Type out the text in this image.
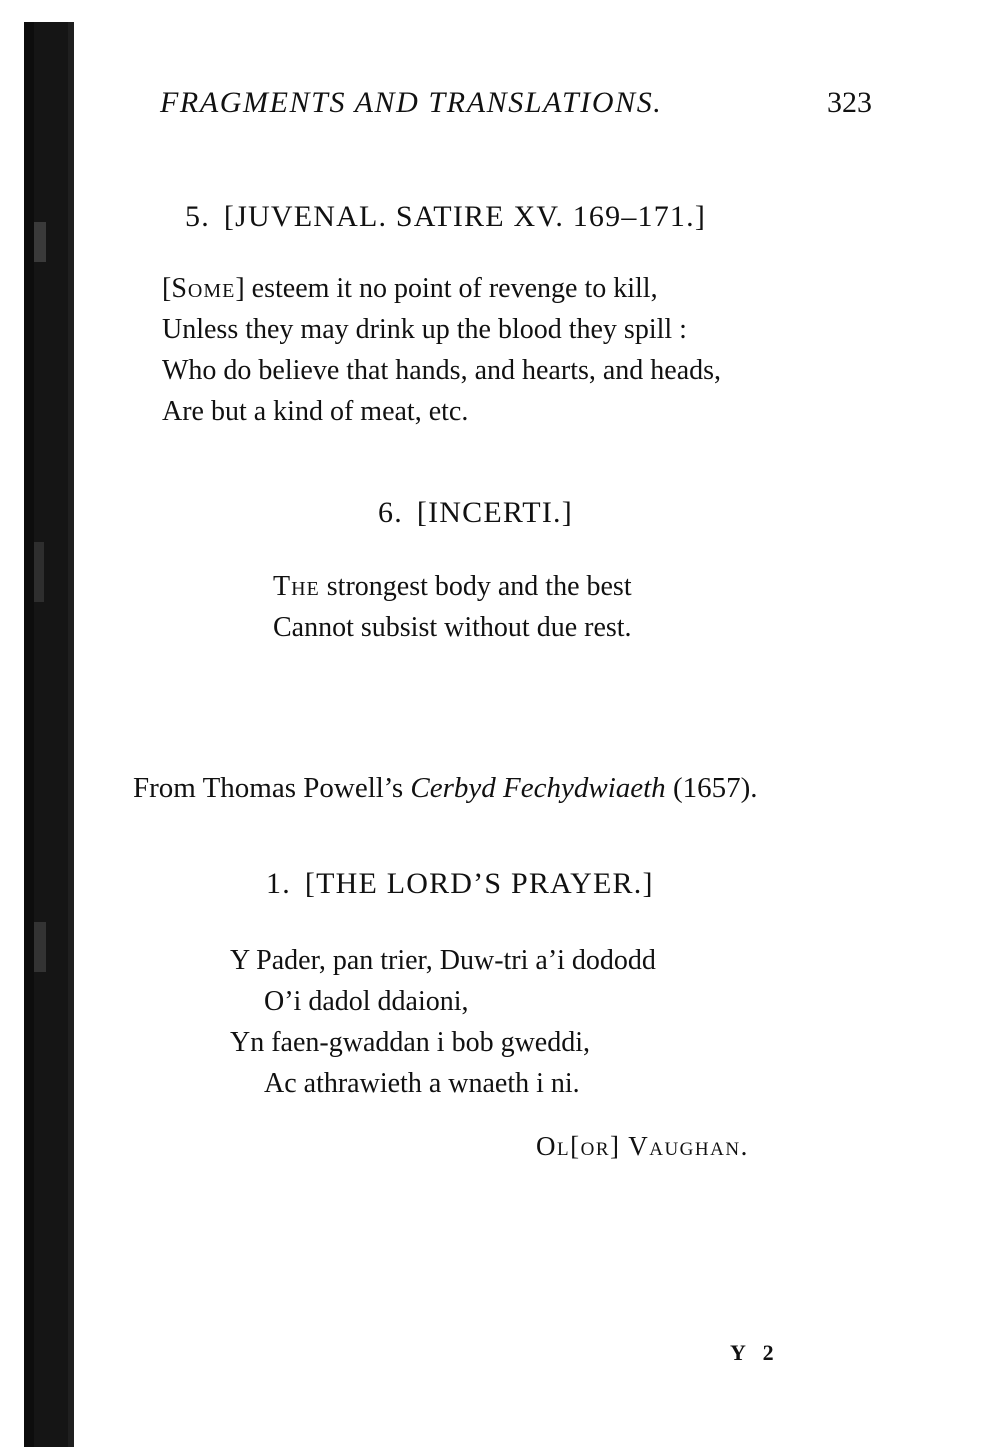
FRAGMENTS AND TRANSLATIONS.	323
5. [JUVENAL. SATIRE XV. 169–171.]
[Some] esteem it no point of revenge to kill,
Unless they may drink up the blood they spill :
Who do believe that hands, and hearts, and heads,
Are but a kind of meat, etc.
6. [INCERTI.]
The strongest body and the best
Cannot subsist without due rest.
From Thomas Powell’s Cerbyd Fechydwiaeth (1657).
1. [THE LORD’S PRAYER.]
Y Pader, pan trier, Duw-tri a’i dododd
O’i dadol ddaioni,
Yn faen-gwaddan i bob gweddi,
Ac athrawieth a wnaeth i ni.
Ol[or] Vaughan.
Y 2
